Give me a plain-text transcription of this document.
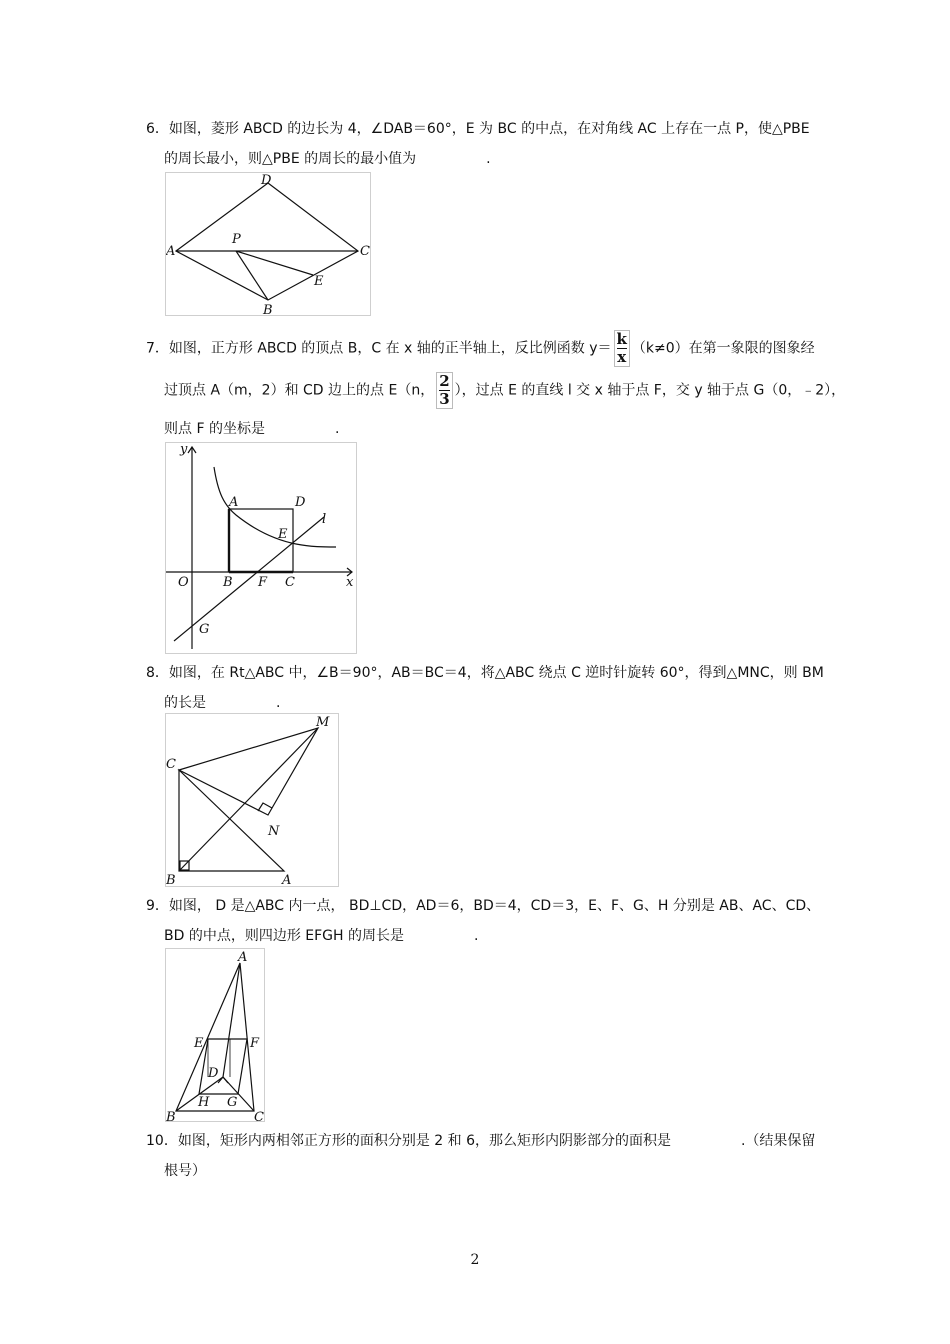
6．如图，菱形 ABCD 的边长为 4，∠DAB＝60°，E 为 BC 的中点，在对角线 AC 上存在一点 P，使△PBE
的周长最小，则△PBE 的周长的最小值为　　　　　.
D
A	C
P
E
B
7．如图，正方形 ABCD 的顶点 B，C 在 x 轴的正半轴上，反比例函数 $y= \frac{k}{x} (k\ne 0)$在第一象限的图象经
过顶点 A（m，2）和 CD 边上的点 E（n， $\frac{2}{3}$ ），过点 E 的直线 l 交 x 轴于点 F，交 y 轴于点 G（0，﹣2），
则点 F 的坐标是　　　　　.
y
x
O
A	D
E
l
B F C
G
8．如图，在 Rt△ABC 中，∠B＝90°，AB＝BC＝4，将△ABC 绕点 C 逆时针旋转 60°，得到△MNC，则 BM
的长是　　　　　.
M
C
N
B	A
9．如图， D 是△ABC 内一点， BD⊥CD，AD＝6，BD＝4，CD＝3，E、F、G、H 分别是 AB、AC、CD、
BD 的中点，则四边形 EFGH 的周长是　　　　　.
A
E	F
D
B
H G
C
10．如图，矩形内两相邻正方形的面积分别是 2 和 6，那么矩形内阴影部分的面积是　　　　　.（结果保留
根号）
2
